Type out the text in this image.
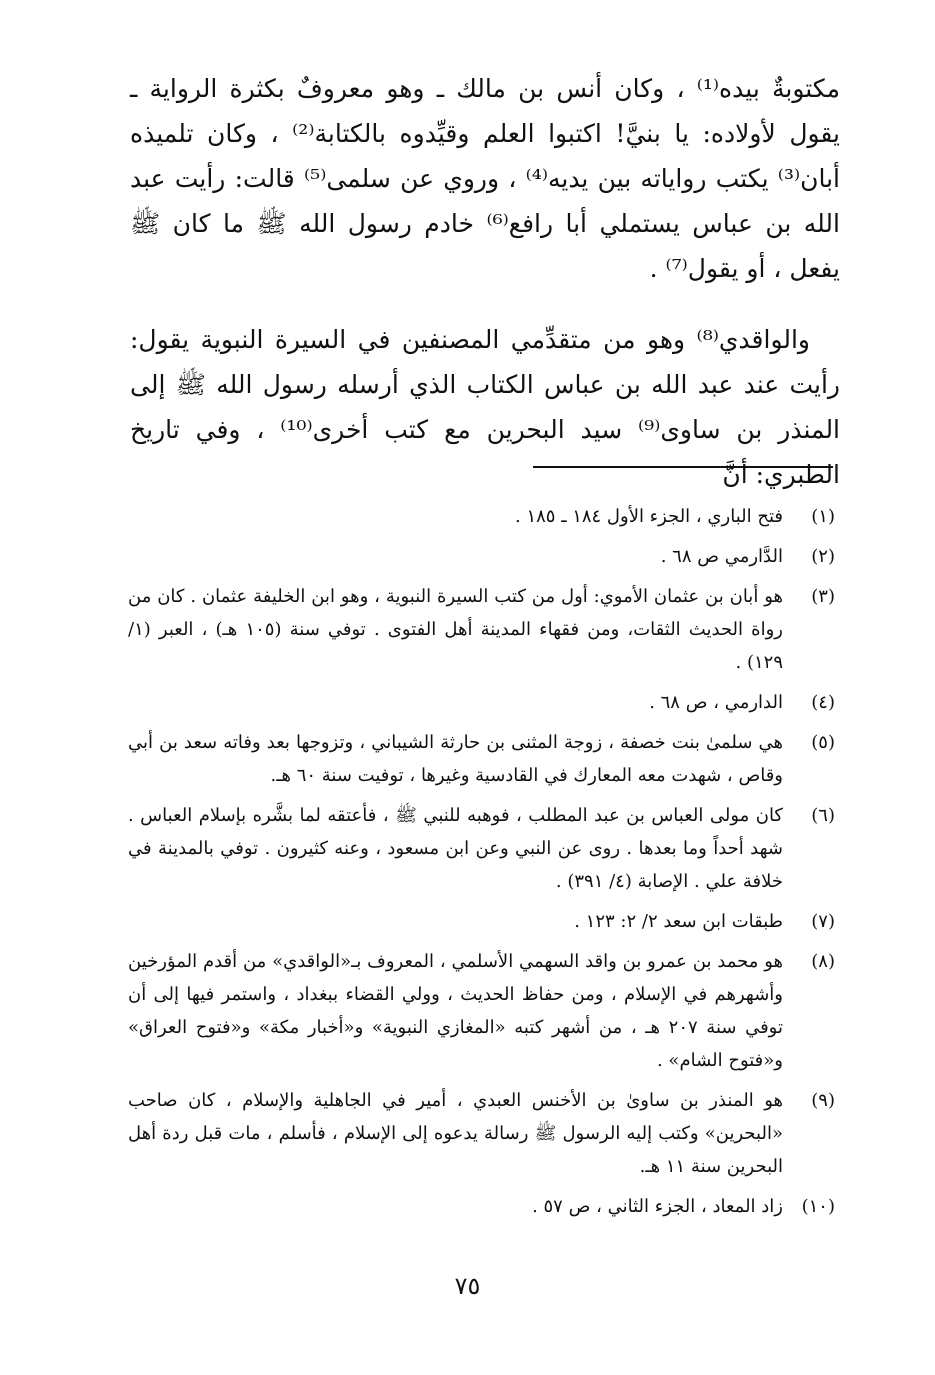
مكتوبةٌ بيده⁽¹⁾ ، وكان أنس بن مالك ـ وهو معروفٌ بكثرة الرواية ـ يقول لأولاده: يا بنيَّ! اكتبوا العلم وقيِّدوه بالكتابة⁽²⁾ ، وكان تلميذه أبان⁽³⁾ يكتب رواياته بين يديه⁽⁴⁾ ، وروي عن سلمى⁽⁵⁾ قالت: رأيت عبد الله بن عباس يستملي أبا رافع⁽⁶⁾ خادم رسول الله ﷺ ما كان ﷺ يفعل ، أو يقول⁽⁷⁾ .

والواقدي⁽⁸⁾ وهو من متقدِّمي المصنفين في السيرة النبوية يقول: رأيت عند عبد الله بن عباس الكتاب الذي أرسله رسول الله ﷺ إلى المنذر بن ساوى⁽⁹⁾ سيد البحرين مع كتب أخرى⁽¹⁰⁾ ، وفي تاريخ الطبري: أنَّ

(١)
فتح الباري ، الجزء الأول ١٨٤ ـ ١٨٥ .
(٢)
الدَّارمي ص ٦٨ .
(٣)
هو أبان بن عثمان الأموي: أول من كتب السيرة النبوية ، وهو ابن الخليفة عثمان . كان من رواة الحديث الثقات، ومن فقهاء المدينة أهل الفتوى . توفي سنة (١٠٥ هـ) ، العبر (١/ ١٢٩) .
(٤)
الدارمي ، ص ٦٨ .
(٥)
هي سلمىٰ بنت خصفة ، زوجة المثنى بن حارثة الشيباني ، وتزوجها بعد وفاته سعد بن أبي وقاص ، شهدت معه المعارك في القادسية وغيرها ، توفيت سنة ٦٠ هـ.
(٦)
كان مولى العباس بن عبد المطلب ، فوهبه للنبي ﷺ ، فأعتقه لما بشَّره بإسلام العباس . شهد أحداً وما بعدها . روى عن النبي وعن ابن مسعود ، وعنه كثيرون . توفي بالمدينة في خلافة علي . الإصابة (٤/ ٣٩١) .
(٧)
طبقات ابن سعد ٢/ ٢: ١٢٣ .
(٨)
هو محمد بن عمرو بن واقد السهمي الأسلمي ، المعروف بـ«الواقدي» من أقدم المؤرخين وأشهرهم في الإسلام ، ومن حفاظ الحديث ، وولي القضاء ببغداد ، واستمر فيها إلى أن توفي سنة ٢٠٧ هـ ، من أشهر كتبه «المغازي النبوية» و«أخبار مكة» و«فتوح العراق» و«فتوح الشام» .
(٩)
هو المنذر بن ساوىٰ بن الأخنس العبدي ، أمير في الجاهلية والإسلام ، كان صاحب «البحرين» وكتب إليه الرسول ﷺ رسالة يدعوه إلى الإسلام ، فأسلم ، مات قبل ردة أهل البحرين سنة ١١ هـ.
(١٠)
زاد المعاد ، الجزء الثاني ، ص ٥٧ .
٧٥
